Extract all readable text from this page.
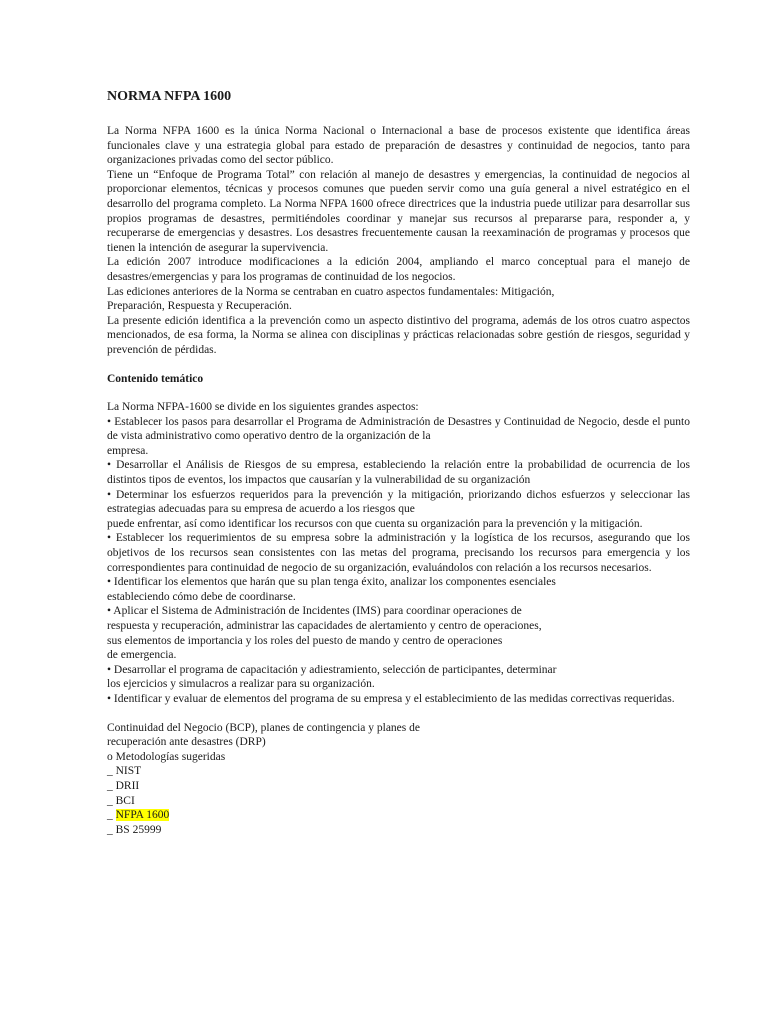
NORMA NFPA 1600

La Norma NFPA 1600 es la única Norma Nacional o Internacional a base de procesos existente que identifica áreas funcionales clave y una estrategia global para estado de preparación de desastres y continuidad de negocios, tanto para organizaciones privadas como del sector público.

Tiene un “Enfoque de Programa Total” con relación al manejo de desastres y emergencias, la continuidad de negocios al proporcionar elementos, técnicas y procesos comunes que pueden servir como una guía general a nivel estratégico en el desarrollo del programa completo. La Norma NFPA 1600 ofrece directrices que la industria puede utilizar para desarrollar sus propios programas de desastres, permitiéndoles coordinar y manejar sus recursos al prepararse para, responder a, y recuperarse de emergencias y desastres. Los desastres frecuentemente causan la reexaminación de programas y procesos que tienen la intención de asegurar la supervivencia.

La edición 2007 introduce modificaciones a la edición 2004, ampliando el marco conceptual para el manejo de desastres/emergencias y para los programas de continuidad de los negocios.

Las ediciones anteriores de la Norma se centraban en cuatro aspectos fundamentales: Mitigación,

Preparación, Respuesta y Recuperación.

La presente edición identifica a la prevención como un aspecto distintivo del programa, además de los otros cuatro aspectos mencionados, de esa forma, la Norma se alinea con disciplinas y prácticas relacionadas sobre gestión de riesgos, seguridad y prevención de pérdidas.

Contenido temático

La Norma NFPA-1600 se divide en los siguientes grandes aspectos:

• Establecer los pasos para desarrollar el Programa de Administración de Desastres y Continuidad de Negocio, desde el punto de vista administrativo como operativo dentro de la organización de la

empresa.

• Desarrollar el Análisis de Riesgos de su empresa, estableciendo la relación entre la probabilidad de ocurrencia de los distintos tipos de eventos, los impactos que causarían y la vulnerabilidad de su organización

• Determinar los esfuerzos requeridos para la prevención y la mitigación, priorizando dichos esfuerzos y seleccionar las estrategias adecuadas para su empresa de acuerdo a los riesgos que

puede enfrentar, así como identificar los recursos con que cuenta su organización para la prevención y la mitigación.

• Establecer los requerimientos de su empresa sobre la administración y la logística de los recursos, asegurando que los objetivos de los recursos sean consistentes con las metas del programa, precisando los recursos para emergencia y los correspondientes para continuidad de negocio de su organización, evaluándolos con relación a los recursos necesarios.

• Identificar los elementos que harán que su plan tenga éxito, analizar los componentes esenciales

estableciendo cómo debe de coordinarse.

• Aplicar el Sistema de Administración de Incidentes (IMS) para coordinar operaciones de

respuesta y recuperación, administrar las capacidades de alertamiento y centro de operaciones,

sus elementos de importancia y los roles del puesto de mando y centro de operaciones

de emergencia.

• Desarrollar el programa de capacitación y adiestramiento, selección de participantes, determinar

los ejercicios y simulacros a realizar para su organización.

• Identificar y evaluar de elementos del programa de su empresa y el establecimiento de las medidas correctivas requeridas.

Continuidad del Negocio (BCP), planes de contingencia y planes de

recuperación ante desastres (DRP)

o Metodologías sugeridas

_ NIST

_ DRII

_ BCI

_ NFPA 1600

_ BS 25999
